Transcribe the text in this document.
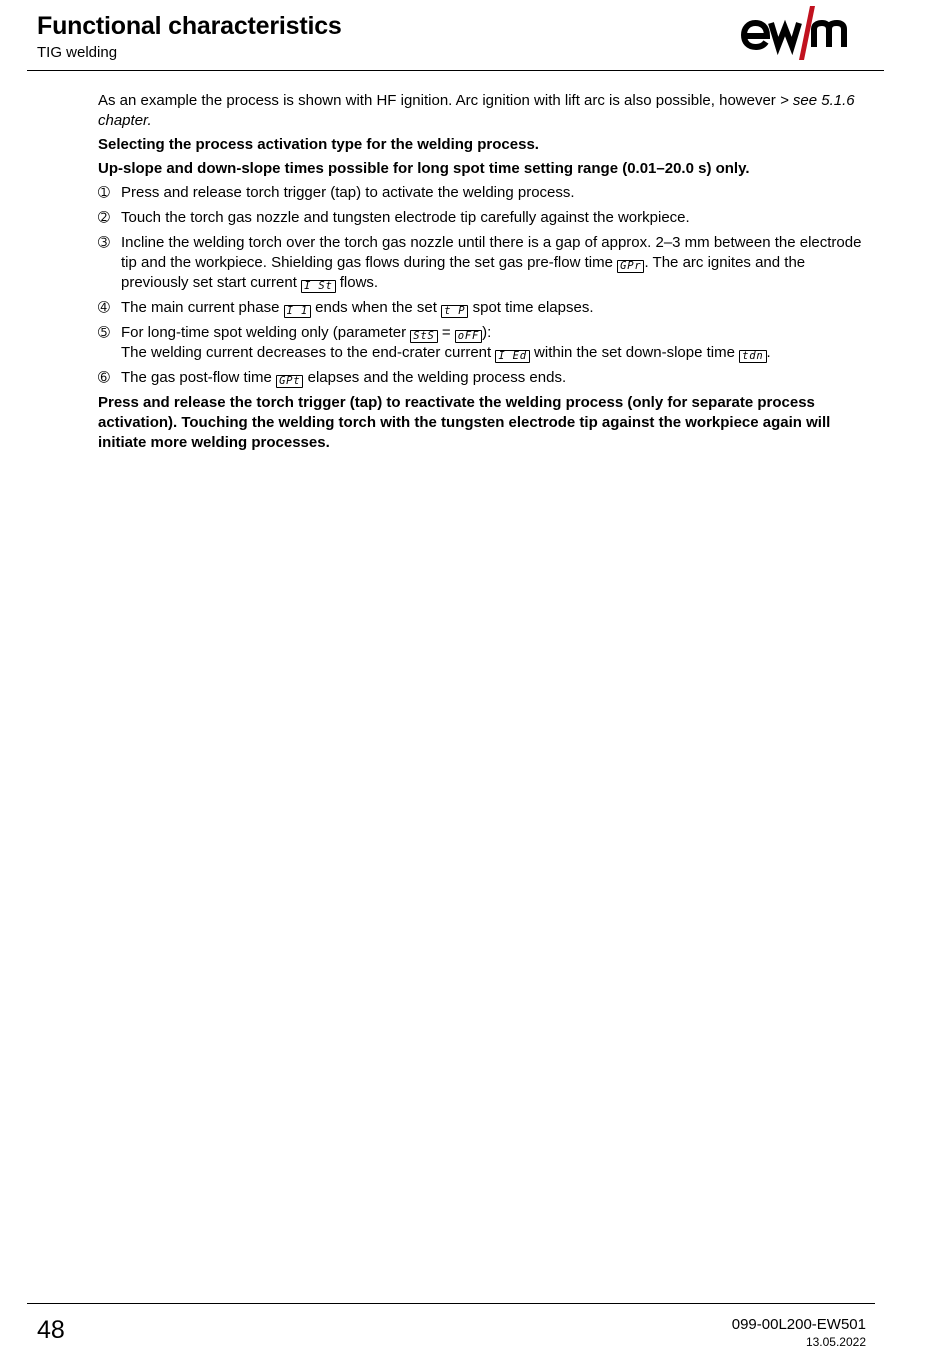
Functional characteristics
TIG welding

As an example the process is shown with HF ignition. Arc ignition with lift arc is also possible, however > see 5.1.6 chapter.

Selecting the process activation type for the welding process.

Up-slope and down-slope times possible for long spot time setting range (0.01–20.0 s) only.

➀ Press and release torch trigger (tap) to activate the welding process.
➁ Touch the torch gas nozzle and tungsten electrode tip carefully against the workpiece.
➂ Incline the welding torch over the torch gas nozzle until there is a gap of approx. 2–3 mm between the electrode tip and the workpiece. Shielding gas flows during the set gas pre-flow time GPr . The arc ignites and the previously set start current I St flows.
➃ The main current phase I 1 ends when the set t P spot time elapses.
➄ For long-time spot welding only (parameter StS = oFF ):
The welding current decreases to the end-crater current I Ed within the set down-slope time tdn .
➅ The gas post-flow time GPt elapses and the welding process ends.

Press and release the torch trigger (tap) to reactivate the welding process (only for separate process activation). Touching the welding torch with the tungsten electrode tip against the workpiece again will initiate more welding processes.

48	099-00L200-EW501
13.05.2022
